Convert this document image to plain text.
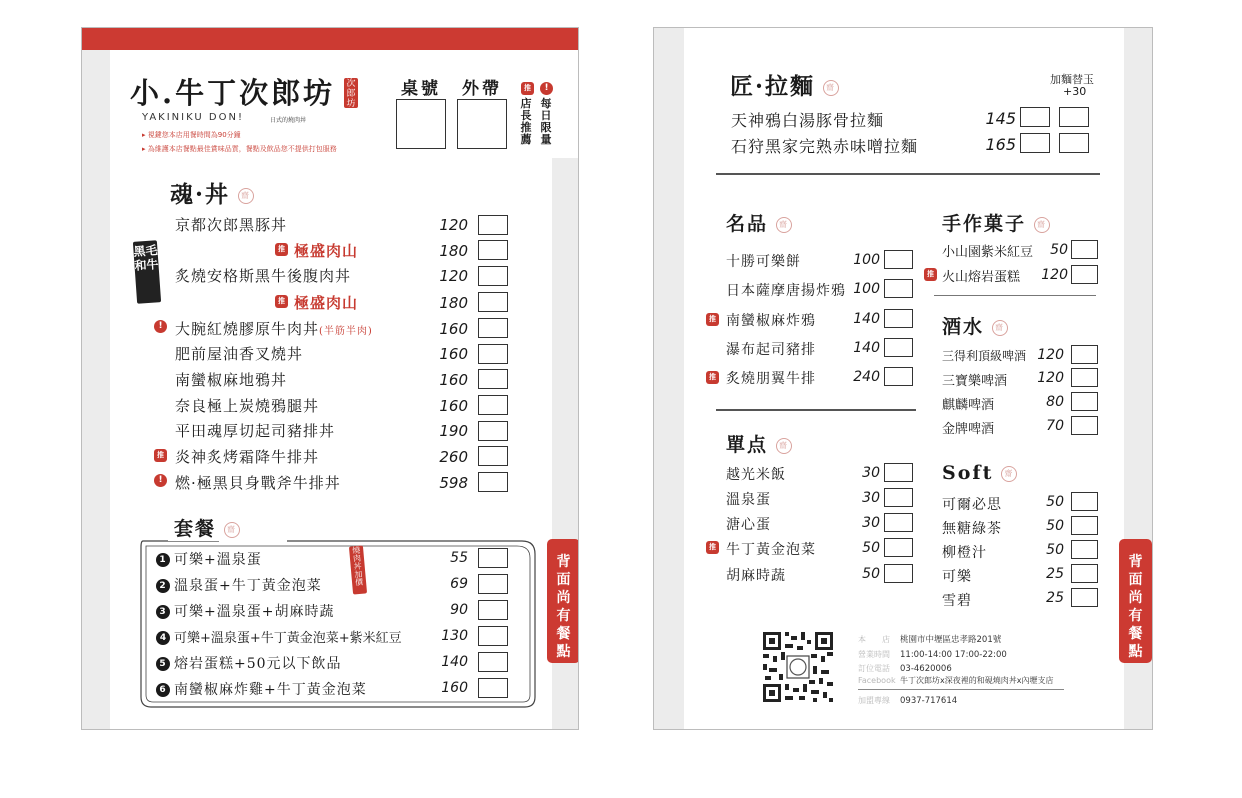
小.牛丁次郎坊 次郎坊
YAKINIKU DON!	日式的燒肉丼
▸ 視鍵您本店用餐時間為90分鐘
▸ 為維護本店餐點最佳賞味品質，餐點及飲品您不提供打包服務
桌號 外帶	推	!
店長推薦
每日限量
魂·丼 齋
黑毛和牛
京都次郎黑豚丼	120
推 極盛肉山	180
炙燒安格斯黑牛後腹肉丼	120
推 極盛肉山	180
! 大腕紅燒膠原牛肉丼(半筋半肉)	160
肥前屋油香叉燒丼	160
南蠻椒麻地鴉丼	160
奈良極上炭燒鴉腿丼	160
平田魂厚切起司豬排丼	190
推 炎神炙烤霜降牛排丼	260
! 燃·極黑貝身戰斧牛排丼	598
套餐 齋
燒肉丼加價
1 可樂+溫泉蛋	55
2 溫泉蛋+牛丁黃金泡菜	69
3 可樂+溫泉蛋+胡麻時蔬	90
4 可樂+溫泉蛋+牛丁黃金泡菜+紫米紅豆	130
5 熔岩蛋糕+50元以下飲品	140
6 南蠻椒麻炸雞+牛丁黃金泡菜	160
背面尚有餐點
匠·拉麵 齋
加麵替玉
+30
天神鴉白湯豚骨拉麵	145
石狩黑家完熟赤味噌拉麵	165
名品 齋
十勝可樂餅	100
日本薩摩唐揚炸鴉 100
推 南蠻椒麻炸鴉	140
瀑布起司豬排	140
推 炙燒朋翼牛排	240
單点 齋
越光米飯	30
溫泉蛋	30
溏心蛋	30
推 牛丁黃金泡菜	50
胡麻時蔬	50
手作菓子 齋
小山園紫米紅豆	50
推 火山熔岩蛋糕	120
酒水 齋
三得利頂級啤酒 120
三寶樂啤酒	120
麒麟啤酒	80
金牌啤酒	70
Soft 齋
可爾必思	50
無糖綠茶	50
柳橙汁	50
可樂	25
雪碧	25
本　　店 桃園市中壢區忠孝路201號
營業時間 11:00-14:00 17:00-22:00
訂位電話 03-4620006
Facebook 牛丁次郎坊x深夜裡的和硯燒肉丼x內壢支店
加盟專線 0937-717614
背面尚有餐點
